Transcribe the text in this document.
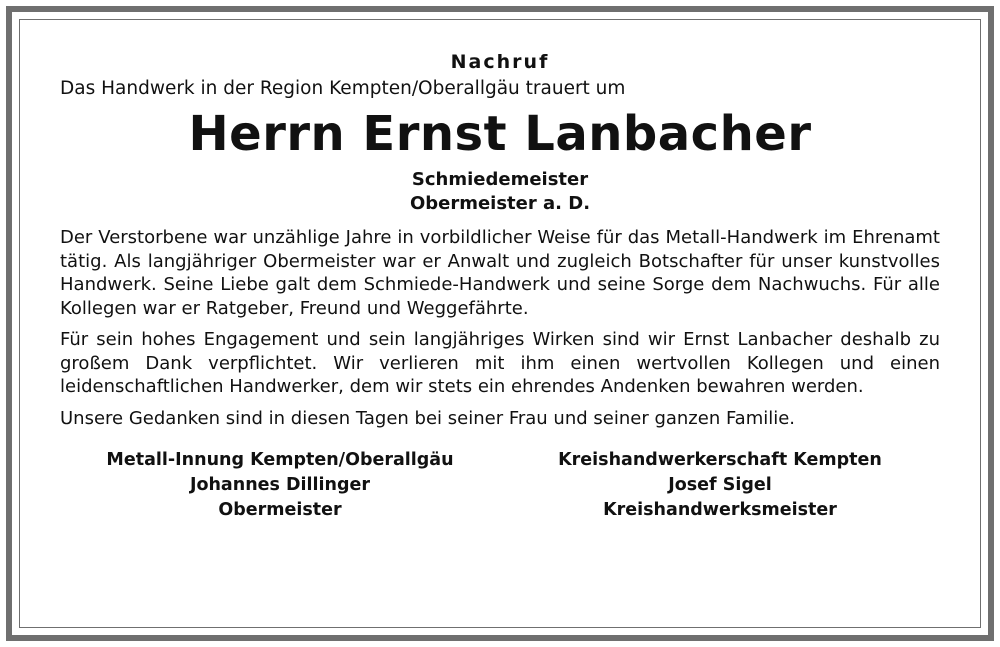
Nachruf
Das Handwerk in der Region Kempten/Oberallgäu trauert um
Herrn Ernst Lanbacher
Schmiedemeister
Obermeister a. D.

Der Verstorbene war unzählige Jahre in vorbildlicher Weise für das Metall-Handwerk im Ehrenamt tätig. Als langjähriger Obermeister war er Anwalt und zugleich Botschafter für unser kunstvolles Handwerk. Seine Liebe galt dem Schmiede-Handwerk und seine Sorge dem Nachwuchs. Für alle Kollegen war er Ratgeber, Freund und Weggefährte.

Für sein hohes Engagement und sein langjähriges Wirken sind wir Ernst Lanbacher deshalb zu großem Dank verpflichtet. Wir verlieren mit ihm einen wertvollen Kollegen und einen leidenschaftlichen Handwerker, dem wir stets ein ehrendes Andenken bewahren werden.

Unsere Gedanken sind in diesen Tagen bei seiner Frau und seiner ganzen Familie.

Metall-Innung Kempten/Oberallgäu
Johannes Dillinger
Obermeister
Kreishandwerkerschaft Kempten
Josef Sigel
Kreishandwerksmeister
